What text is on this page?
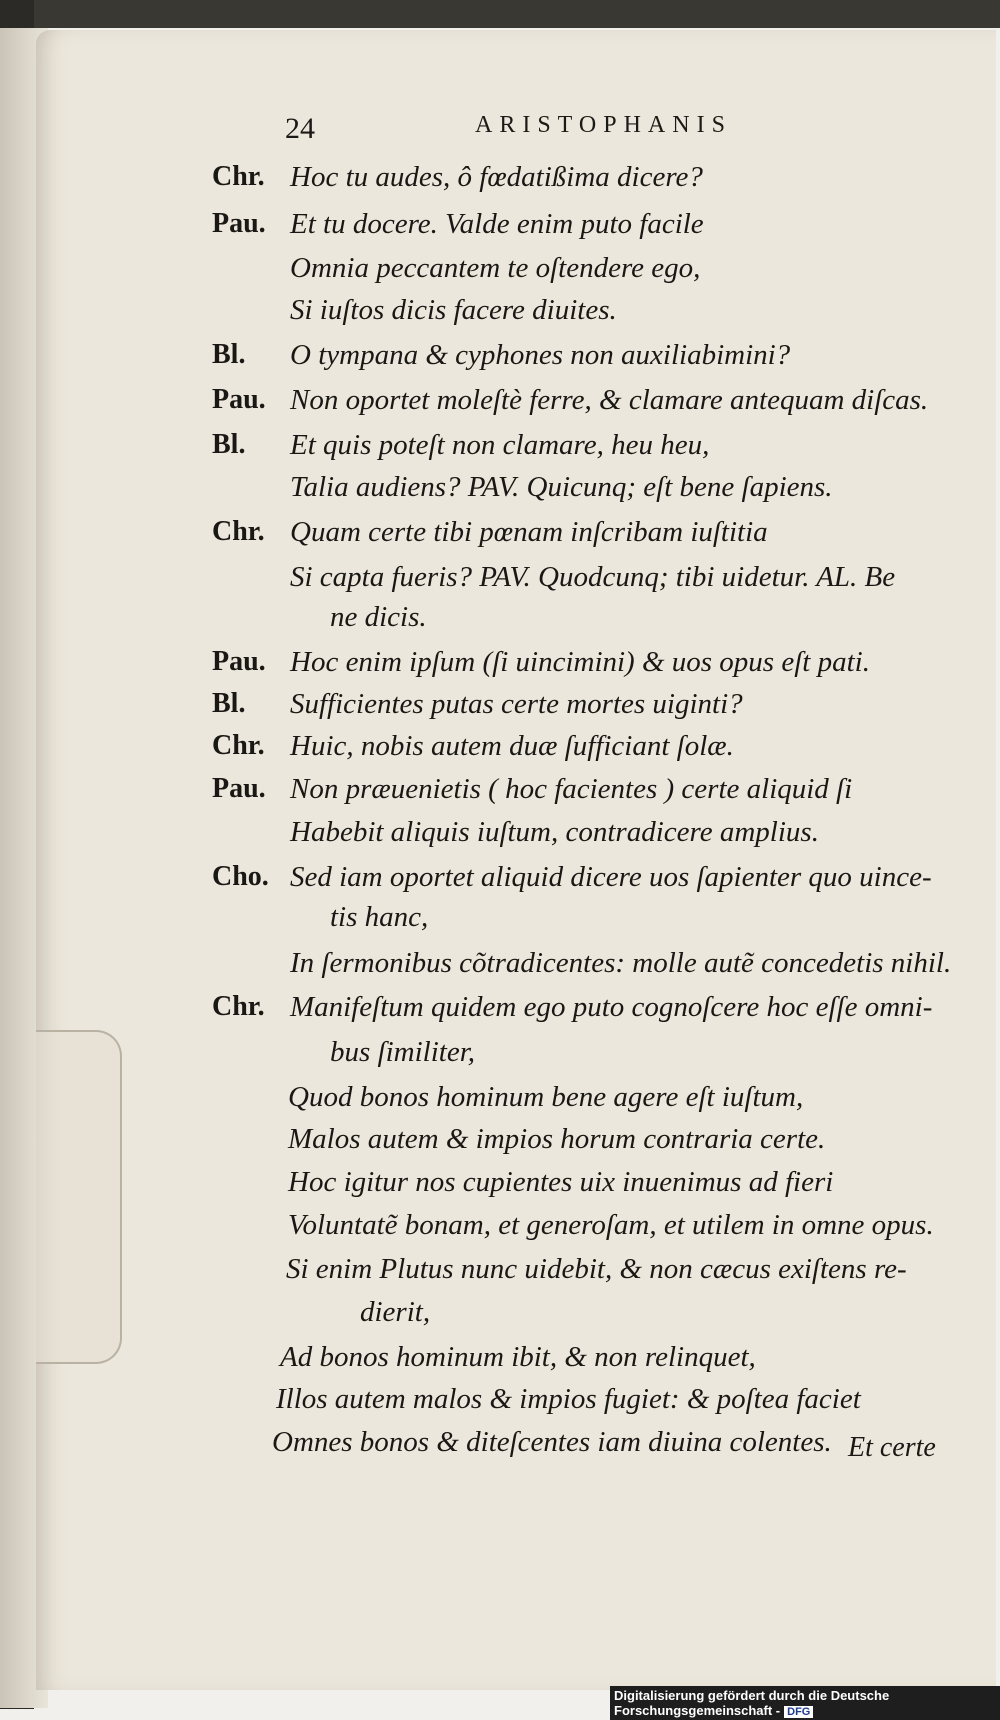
24	ARISTOPHANIS
Chr. Hoc tu audes, ô fœdatißima dicere?
Pau. Et tu docere. Valde enim puto facile
Omnia peccantem te oſtendere ego,
Si iuſtos dicis facere diuites.
Bl. O tympana & cyphones non auxiliabimini?
Pau. Non oportet moleſtè ferre, & clamare antequam diſcas.
Bl. Et quis poteſt non clamare, heu heu,
Talia audiens? PAV. Quicunq; eſt bene ſapiens.
Chr. Quam certe tibi pœnam inſcribam iuſtitia
Si capta fueris? PAV. Quodcunq; tibi uidetur. AL. Be
ne dicis.
Pau. Hoc enim ipſum (ſi uincimini) & uos opus eſt pati.
Bl. Sufficientes putas certe mortes uiginti?
Chr. Huic, nobis autem duæ ſufficiant ſolæ.
Pau. Non præuenietis ( hoc facientes ) certe aliquid ſi
Habebit aliquis iuſtum, contradicere amplius.
Cho. Sed iam oportet aliquid dicere uos ſapienter quo uince-
tis hanc,
In ſermonibus cõtradicentes: molle autẽ concedetis nihil.
Chr. Manifeſtum quidem ego puto cognoſcere hoc eſſe omni-
bus ſimiliter,
Quod bonos hominum bene agere eſt iuſtum,
Malos autem & impios horum contraria certe.
Hoc igitur nos cupientes uix inuenimus ad fieri
Voluntatẽ bonam, et generoſam, et utilem in omne opus.
Si enim Plutus nunc uidebit, & non cæcus exiſtens re-
dierit,
Ad bonos hominum ibit, & non relinquet,
Illos autem malos & impios fugiet: & poſtea faciet
Omnes bonos & diteſcentes iam diuina colentes. Et certe
Digitalisierung gefördert durch die Deutsche Forschungsgemeinschaft - DFG
